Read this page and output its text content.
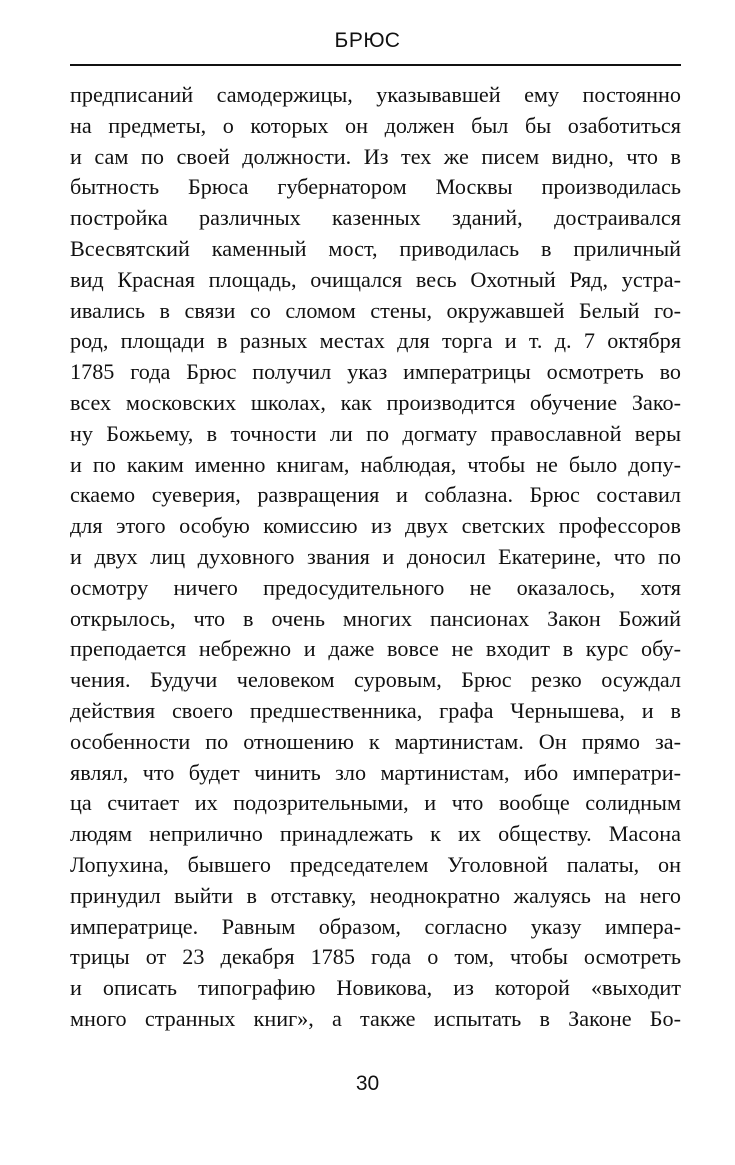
БРЮС
предписаний самодержицы, указывавшей ему постоянно
на предметы, о которых он должен был бы озаботиться
и сам по своей должности. Из тех же писем видно, что в
бытность Брюса губернатором Москвы производилась
постройка различных казенных зданий, достраивался
Всесвятский каменный мост, приводилась в приличный
вид Красная площадь, очищался весь Охотный Ряд, устра-
ивались в связи со сломом стены, окружавшей Белый го-
род, площади в разных местах для торга и т. д. 7 октября
1785 года Брюс получил указ императрицы осмотреть во
всех московских школах, как производится обучение Зако-
ну Божьему, в точности ли по догмату православной веры
и по каким именно книгам, наблюдая, чтобы не было допу-
скаемо суеверия, развращения и соблазна. Брюс составил
для этого особую комиссию из двух светских профессоров
и двух лиц духовного звания и доносил Екатерине, что по
осмотру ничего предосудительного не оказалось, хотя
открылось, что в очень многих пансионах Закон Божий
преподается небрежно и даже вовсе не входит в курс обу-
чения. Будучи человеком суровым, Брюс резко осуждал
действия своего предшественника, графа Чернышева, и в
особенности по отношению к мартинистам. Он прямо за-
являл, что будет чинить зло мартинистам, ибо императри-
ца считает их подозрительными, и что вообще солидным
людям неприлично принадлежать к их обществу. Масона
Лопухина, бывшего председателем Уголовной палаты, он
принудил выйти в отставку, неоднократно жалуясь на него
императрице. Равным образом, согласно указу импера-
трицы от 23 декабря 1785 года о том, чтобы осмотреть
и описать типографию Новикова, из которой «выходит
много странных книг», а также испытать в Законе Бо-
30
